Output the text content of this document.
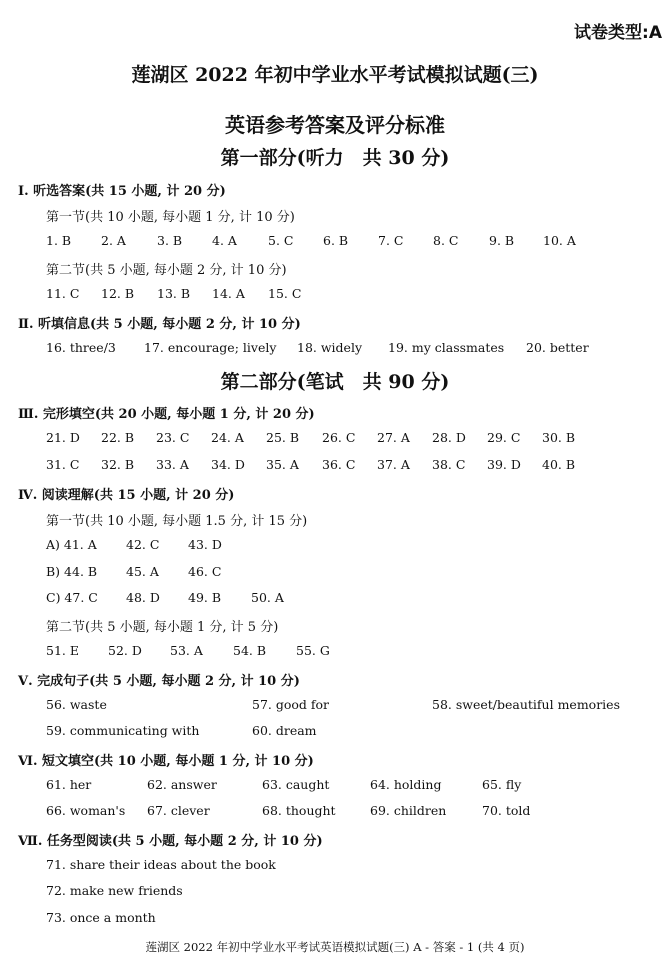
试卷类型:A
莲湖区 2022 年初中学业水平考试模拟试题(三)
英语参考答案及评分标准
第一部分(听力　共 30 分)
Ⅰ. 听选答案(共 15 小题, 计 20 分)
第一节(共 10 小题, 每小题 1 分, 计 10 分)
1. B 2. A 3. B 4. A 5. C 6. B 7. C 8. C 9. B 10. A
第二节(共 5 小题, 每小题 2 分, 计 10 分)
11. C 12. B 13. B 14. A 15. C
Ⅱ. 听填信息(共 5 小题, 每小题 2 分, 计 10 分)
16. three/3 17. encourage; lively 18. widely 19. my classmates 20. better
第二部分(笔试　共 90 分)
Ⅲ. 完形填空(共 20 小题, 每小题 1 分, 计 20 分)
21. D 22. B 23. C 24. A 25. B 26. C 27. A 28. D 29. C 30. B
31. C 32. B 33. A 34. D 35. A 36. C 37. A 38. C 39. D 40. B
Ⅳ. 阅读理解(共 15 小题, 计 20 分)
第一节(共 10 小题, 每小题 1.5 分, 计 15 分)
A) 41. A 42. C 43. D
B) 44. B 45. A 46. C
C) 47. C 48. D 49. B 50. A
第二节(共 5 小题, 每小题 1 分, 计 5 分)
51. E 52. D 53. A 54. B 55. G
Ⅴ. 完成句子(共 5 小题, 每小题 2 分, 计 10 分)
56. waste	57. good for	58. sweet/beautiful memories
59. communicating with	60. dream
Ⅵ. 短文填空(共 10 小题, 每小题 1 分, 计 10 分)
61. her	62. answer	63. caught	64. holding	65. fly
66. woman's 67. clever	68. thought	69. children	70. told
Ⅶ. 任务型阅读(共 5 小题, 每小题 2 分, 计 10 分)
71. share their ideas about the book
72. make new friends
73. once a month
莲湖区 2022 年初中学业水平考试英语模拟试题(三) A - 答案 - 1 (共 4 页)
